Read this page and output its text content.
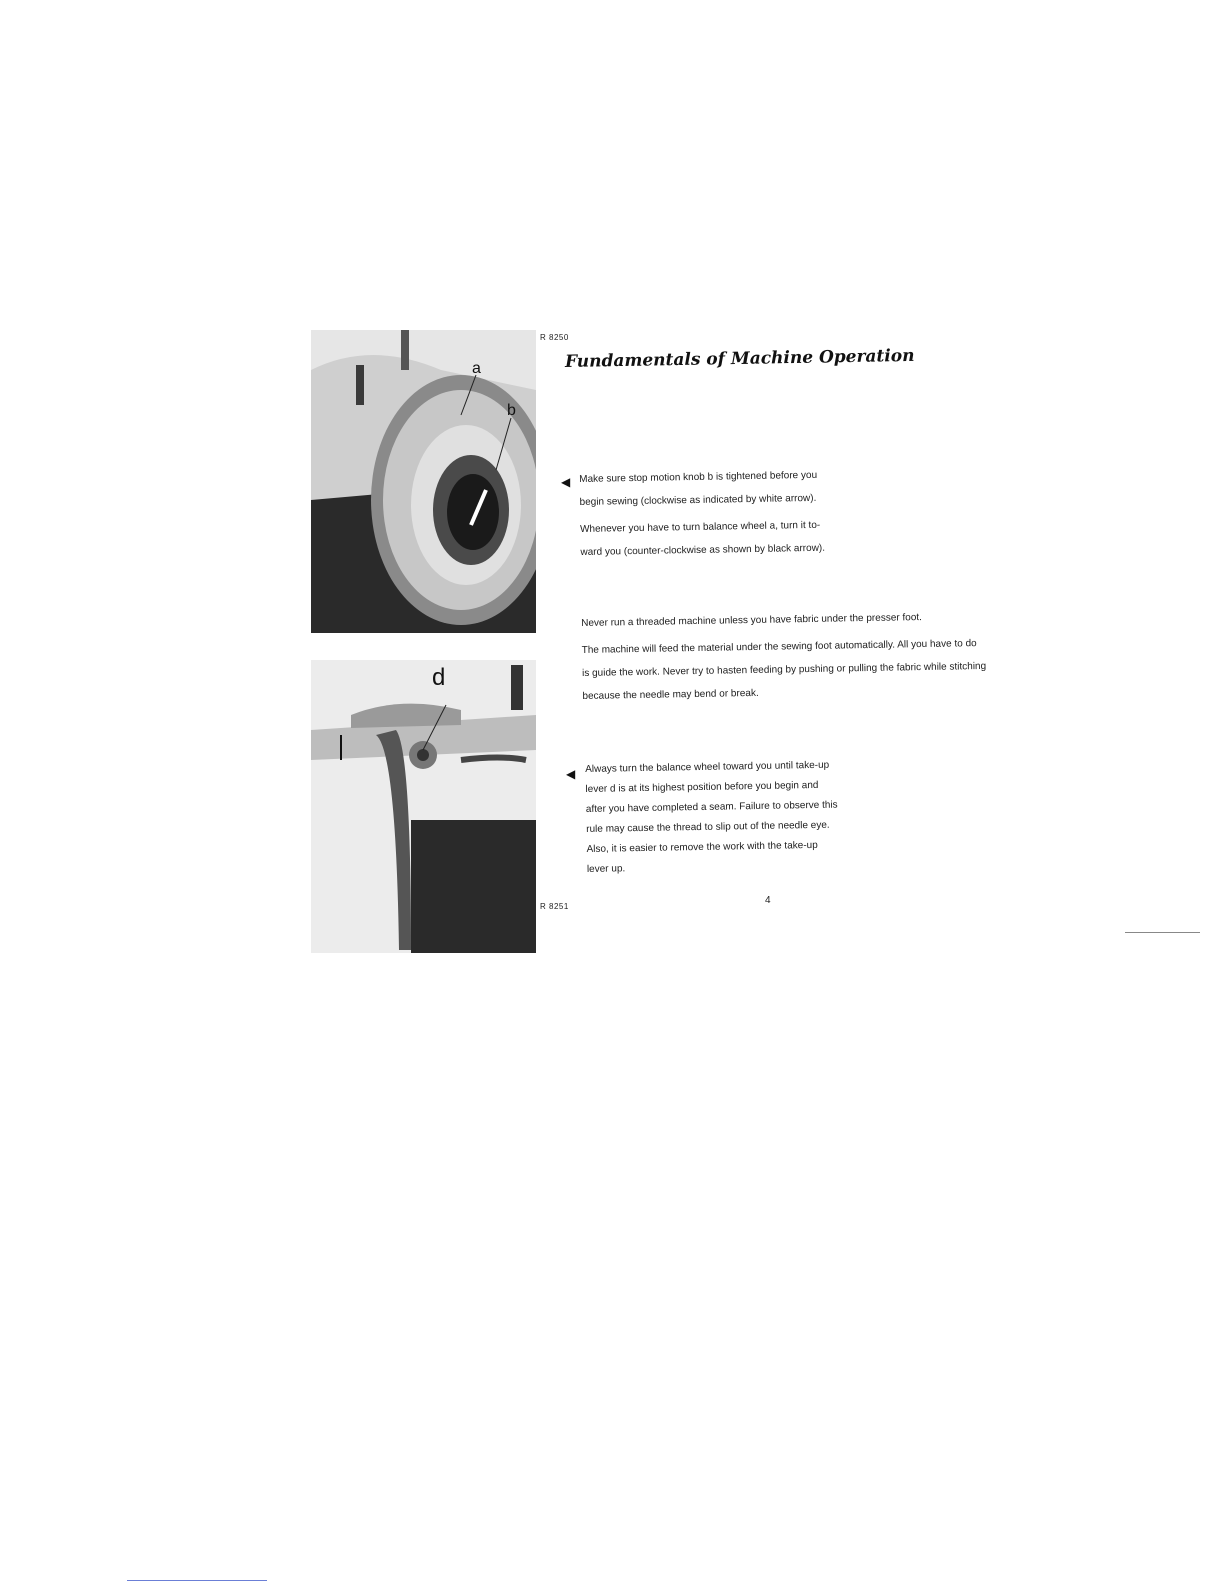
a
b
R 8250
d
R 8251
Fundamentals of Machine Operation
◀ Make sure stop motion knob b is tightened before you

begin sewing (clockwise as indicated by white arrow).

Whenever you have to turn balance wheel a, turn it to-

ward you (counter-clockwise as shown by black arrow).

Never run a threaded machine unless you have fabric under the presser foot.

The machine will feed the material under the sewing foot automatically. All you have to do

is guide the work. Never try to hasten feeding by pushing or pulling the fabric while stitching

because the needle may bend or break.

◀ Always turn the balance wheel toward you until take-up

lever d is at its highest position before you begin and

after you have completed a seam. Failure to observe this

rule may cause the thread to slip out of the needle eye.

Also, it is easier to remove the work with the take-up

lever up.

4
